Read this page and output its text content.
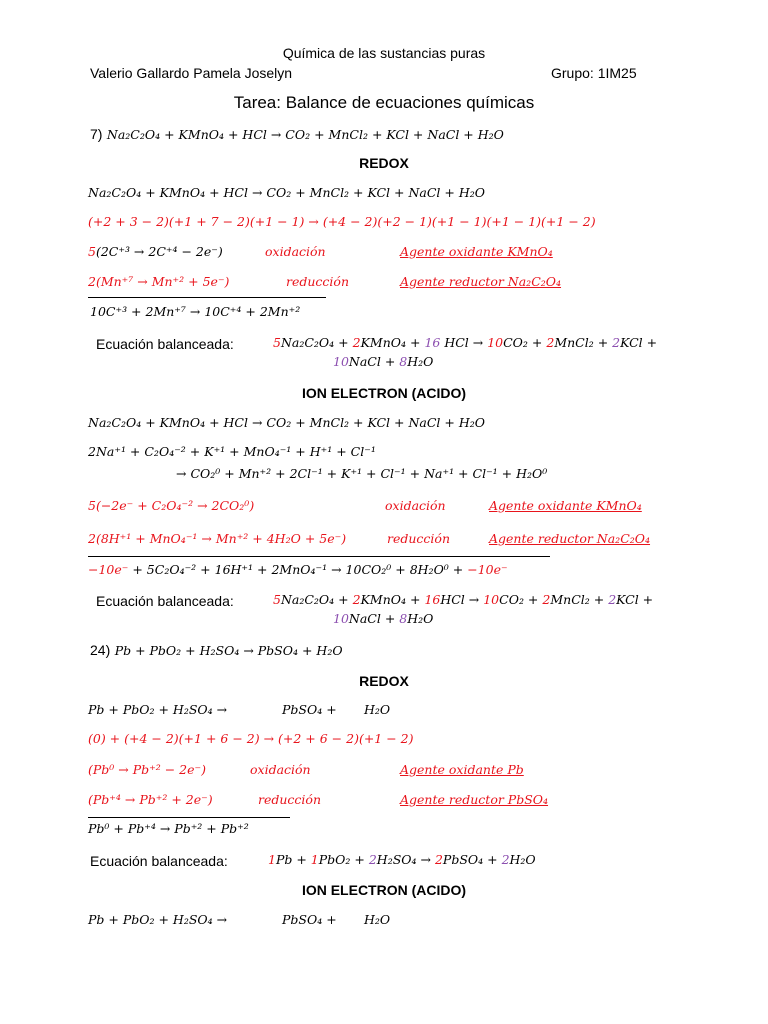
Química de las sustancias puras
Valerio Gallardo Pamela Joselyn	Grupo: 1IM25
Tarea: Balance de ecuaciones químicas
7) Na₂C₂O₄ + KMnO₄ + HCl → CO₂ + MnCl₂ + KCl + NaCl + H₂O
REDOX
Na₂C₂O₄ + KMnO₄ + HCl → CO₂ + MnCl₂ + KCl + NaCl + H₂O
(+2 + 3 − 2)(+1 + 7 − 2)(+1 − 1) → (+4 − 2)(+2 − 1)(+1 − 1)(+1 − 1)(+1 − 2)
5(2C⁺³ → 2C⁺⁴ − 2e⁻)	oxidación	Agente oxidante KMnO₄
2(Mn⁺⁷ → Mn⁺² + 5e⁻)	reducción	Agente reductor Na₂C₂O₄
10C⁺³ + 2Mn⁺⁷ → 10C⁺⁴ + 2Mn⁺²
Ecuación balanceada:	5Na₂C₂O₄ + 2KMnO₄ + 16 HCl → 10CO₂ + 2MnCl₂ + 2KCl +
10NaCl + 8H₂O
ION ELECTRON (ACIDO)
Na₂C₂O₄ + KMnO₄ + HCl → CO₂ + MnCl₂ + KCl + NaCl + H₂O
2Na⁺¹ + C₂O₄⁻² + K⁺¹ + MnO₄⁻¹ + H⁺¹ + Cl⁻¹
→ CO₂⁰ + Mn⁺² + 2Cl⁻¹ + K⁺¹ + Cl⁻¹ + Na⁺¹ + Cl⁻¹ + H₂O⁰
5(−2e⁻ + C₂O₄⁻² → 2CO₂⁰)	oxidación	Agente oxidante KMnO₄
2(8H⁺¹ + MnO₄⁻¹ → Mn⁺² + 4H₂O + 5e⁻)	reducción	Agente reductor Na₂C₂O₄
−10e⁻ + 5C₂O₄⁻² + 16H⁺¹ + 2MnO₄⁻¹ → 10CO₂⁰ + 8H₂O⁰ + −10e⁻
Ecuación balanceada:	5Na₂C₂O₄ + 2KMnO₄ + 16HCl → 10CO₂ + 2MnCl₂ + 2KCl +
10NaCl + 8H₂O
24) Pb + PbO₂ + H₂SO₄ → PbSO₄ + H₂O
REDOX
Pb + PbO₂ + H₂SO₄ →	PbSO₄ + H₂O
(0) + (+4 − 2)(+1 + 6 − 2) → (+2 + 6 − 2)(+1 − 2)
(Pb⁰ → Pb⁺² − 2e⁻)	oxidación	Agente oxidante Pb
(Pb⁺⁴ → Pb⁺² + 2e⁻)	reducción	Agente reductor PbSO₄
Pb⁰ + Pb⁺⁴ → Pb⁺² + Pb⁺²
Ecuación balanceada:	1Pb + 1PbO₂ + 2H₂SO₄ → 2PbSO₄ + 2H₂O
ION ELECTRON (ACIDO)
Pb + PbO₂ + H₂SO₄ →	PbSO₄ + H₂O
